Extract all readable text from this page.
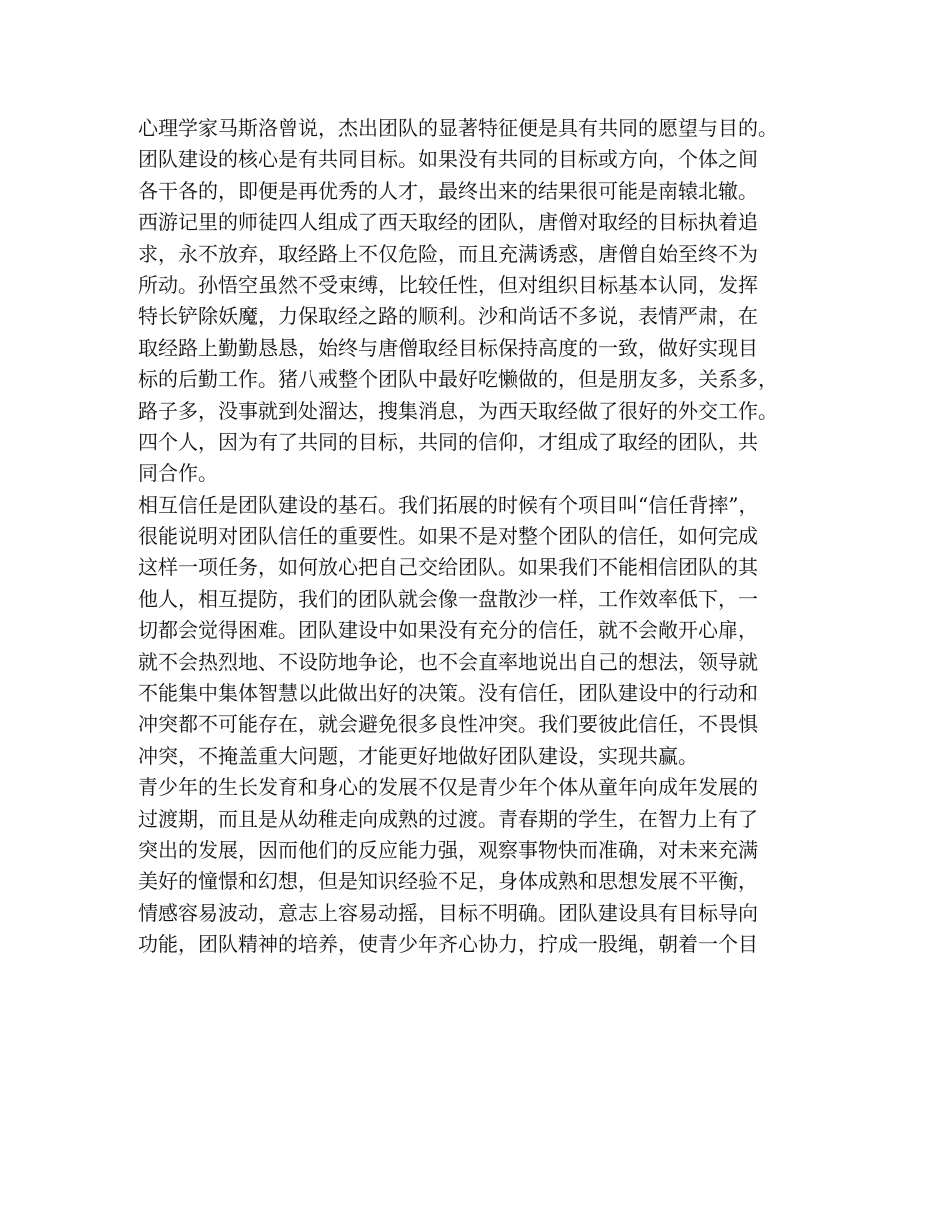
心理学家马斯洛曾说，杰出团队的显著特征便是具有共同的愿望与目的。
团队建设的核心是有共同目标。如果没有共同的目标或方向，个体之间
各干各的，即便是再优秀的人才，最终出来的结果很可能是南辕北辙。
西游记里的师徒四人组成了西天取经的团队，唐僧对取经的目标执着追
求，永不放弃，取经路上不仅危险，而且充满诱惑，唐僧自始至终不为
所动。孙悟空虽然不受束缚，比较任性，但对组织目标基本认同，发挥
特长铲除妖魔，力保取经之路的顺利。沙和尚话不多说，表情严肃，在
取经路上勤勤恳恳，始终与唐僧取经目标保持高度的一致，做好实现目
标的后勤工作。猪八戒整个团队中最好吃懒做的，但是朋友多，关系多，
路子多，没事就到处溜达，搜集消息，为西天取经做了很好的外交工作。
四个人，因为有了共同的目标，共同的信仰，才组成了取经的团队，共
同合作。
相互信任是团队建设的基石。我们拓展的时候有个项目叫“信任背摔”，
很能说明对团队信任的重要性。如果不是对整个团队的信任，如何完成
这样一项任务，如何放心把自己交给团队。如果我们不能相信团队的其
他人，相互提防，我们的团队就会像一盘散沙一样，工作效率低下，一
切都会觉得困难。团队建设中如果没有充分的信任，就不会敞开心扉，
就不会热烈地、不设防地争论，也不会直率地说出自己的想法，领导就
不能集中集体智慧以此做出好的决策。没有信任，团队建设中的行动和
冲突都不可能存在，就会避免很多良性冲突。我们要彼此信任，不畏惧
冲突，不掩盖重大问题，才能更好地做好团队建设，实现共赢。
青少年的生长发育和身心的发展不仅是青少年个体从童年向成年发展的
过渡期，而且是从幼稚走向成熟的过渡。青春期的学生，在智力上有了
突出的发展，因而他们的反应能力强，观察事物快而准确，对未来充满
美好的憧憬和幻想，但是知识经验不足，身体成熟和思想发展不平衡，
情感容易波动，意志上容易动摇，目标不明确。团队建设具有目标导向
功能，团队精神的培养，使青少年齐心协力，拧成一股绳，朝着一个目
